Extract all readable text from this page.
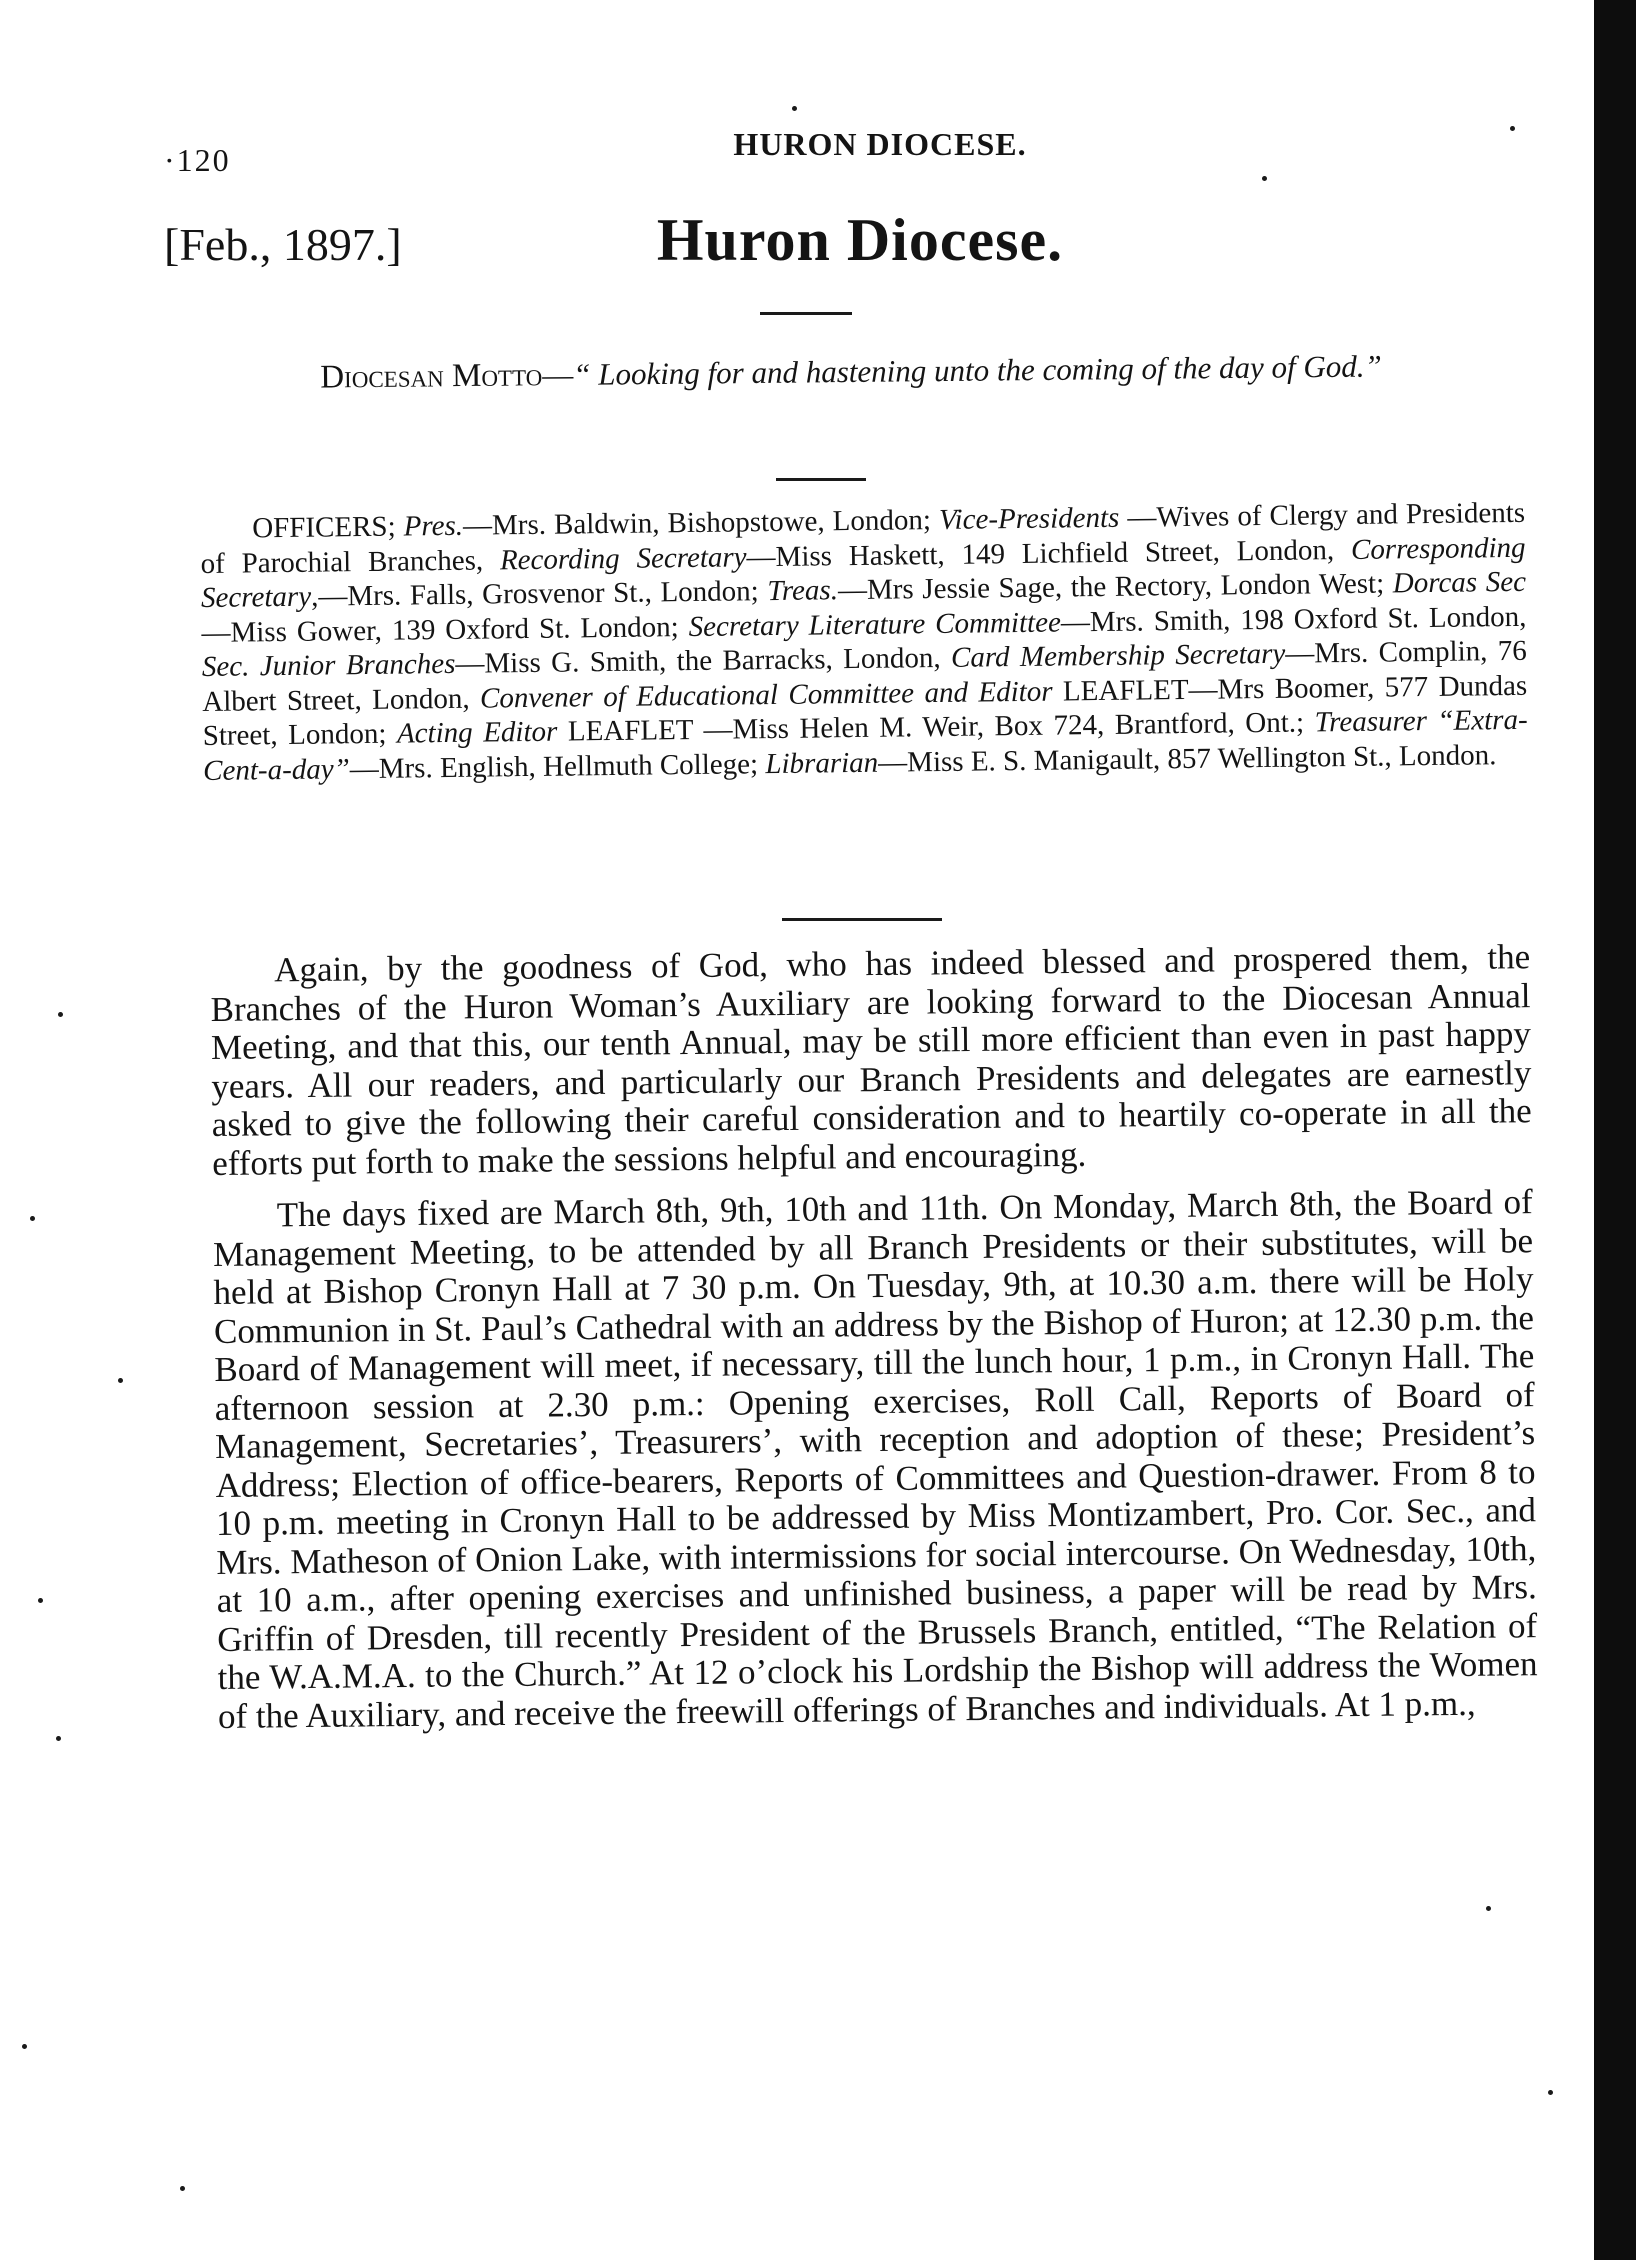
·120	HURON DIOCESE.
[Feb., 1897.]	Huron Diocese.
Diocesan Motto—“ Looking for and hastening unto the coming of the day of God.”
OFFICERS; Pres.—Mrs. Baldwin, Bishopstowe, London; Vice-Presidents —Wives of Clergy and Presidents of Parochial Branches, Recording Secretary—Miss Haskett, 149 Lichfield Street, London, Corresponding Secretary,—Mrs. Falls, Grosvenor St., London; Treas.—Mrs Jessie Sage, the Rectory, London West; Dorcas Sec—Miss Gower, 139 Oxford St. London; Secretary Literature Committee—Mrs. Smith, 198 Oxford St. London, Sec. Junior Branches—Miss G. Smith, the Barracks, London, Card Membership Secretary—Mrs. Complin, 76 Albert Street, London, Convener of Educational Committee and Editor LEAFLET—Mrs Boomer, 577 Dundas Street, London; Acting Editor LEAFLET —Miss Helen M. Weir, Box 724, Brantford, Ont.; Treasurer “Extra-Cent-a-day”—Mrs. English, Hellmuth College; Librarian—Miss E. S. Manigault, 857 Wellington St., London.

Again, by the goodness of God, who has indeed blessed and prospered them, the Branches of the Huron Woman’s Auxiliary are looking forward to the Diocesan Annual Meeting, and that this, our tenth Annual, may be still more efficient than even in past happy years. All our readers, and particularly our Branch Presidents and delegates are earnestly asked to give the following their careful consideration and to heartily co-operate in all the efforts put forth to make the sessions helpful and encouraging.

The days fixed are March 8th, 9th, 10th and 11th. On Monday, March 8th, the Board of Management Meeting, to be attended by all Branch Presidents or their substitutes, will be held at Bishop Cronyn Hall at 7 30 p.m. On Tuesday, 9th, at 10.30 a.m. there will be Holy Communion in St. Paul’s Cathedral with an address by the Bishop of Huron; at 12.30 p.m. the Board of Management will meet, if necessary, till the lunch hour, 1 p.m., in Cronyn Hall. The afternoon session at 2.30 p.m.: Opening exercises, Roll Call, Reports of Board of Management, Secretaries’, Treasurers’, with reception and adoption of these; President’s Address; Election of office-bearers, Reports of Committees and Question-drawer. From 8 to 10 p.m. meeting in Cronyn Hall to be addressed by Miss Montizambert, Pro. Cor. Sec., and Mrs. Matheson of Onion Lake, with intermissions for social intercourse. On Wednesday, 10th, at 10 a.m., after opening exercises and unfinished business, a paper will be read by Mrs. Griffin of Dresden, till recently President of the Brussels Branch, entitled, “The Relation of the W.A.M.A. to the Church.” At 12 o’clock his Lordship the Bishop will address the Women of the Auxiliary, and receive the freewill offerings of Branches and individuals. At 1 p.m.,
